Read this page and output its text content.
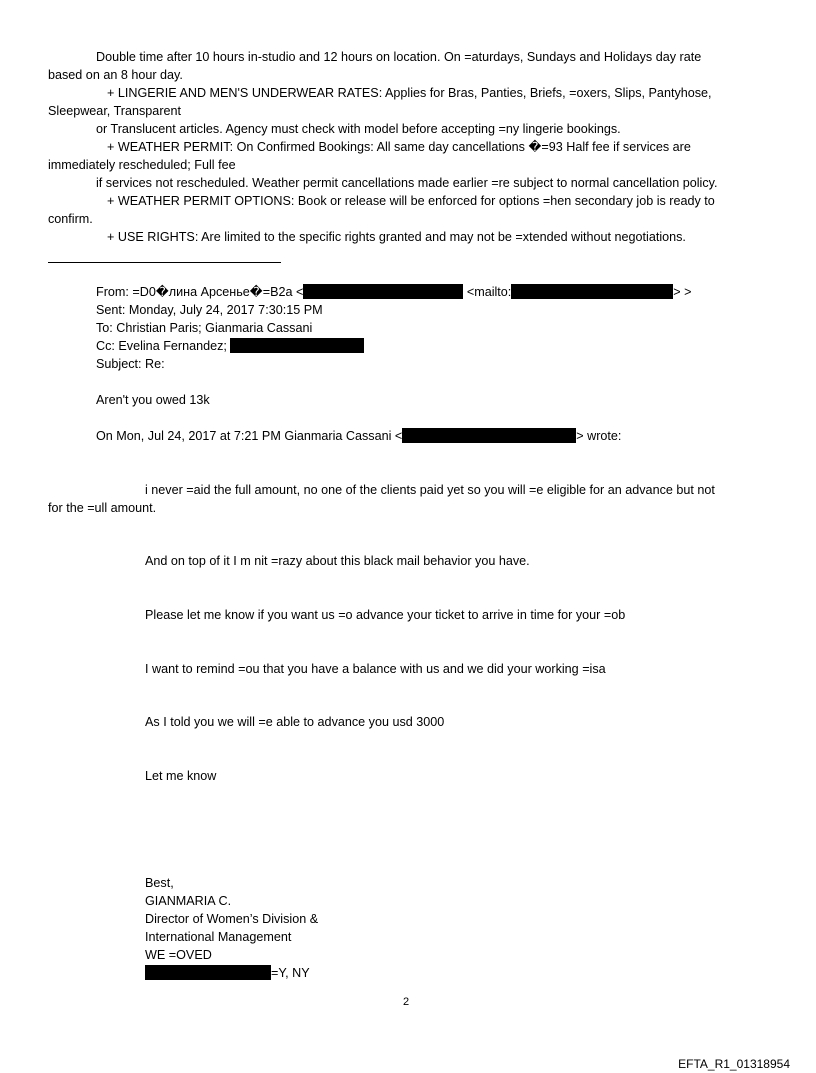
Double time after 10 hours in-studio and 12 hours on location. On =aturdays, Sundays and Holidays day rate
based on an 8 hour day.
+ LINGERIE AND MEN'S UNDERWEAR RATES: Applies for Bras, Panties, Briefs, =oxers, Slips, Pantyhose,
Sleepwear, Transparent
or Translucent articles. Agency must check with model before accepting =ny lingerie bookings.
+ WEATHER PERMIT: On Confirmed Bookings: All same day cancellations �=93 Half fee if services are
immediately rescheduled; Full fee
if services not rescheduled. Weather permit cancellations made earlier =re subject to normal cancellation policy.
+ WEATHER PERMIT OPTIONS: Book or release will be enforced for options =hen secondary job is ready to
confirm.
+ USE RIGHTS: Are limited to the specific rights granted and may not be =xtended without negotiations.
From: =D0�лина Арсенье�=B2a <	<mailto:	> >
Sent: Monday, July 24, 2017 7:30:15 PM
To: Christian Paris; Gianmaria Cassani
Cc: Evelina Fernandez;
Subject: Re:
Aren't you owed 13k
On Mon, Jul 24, 2017 at 7:21 PM Gianmaria Cassani <	> wrote:
i never =aid the full amount, no one of the clients paid yet so you will =e eligible for an advance but not
for the =ull amount.
And on top of it I m nit =razy about this black mail behavior you have.
Please let me know if you want us =o advance your ticket to arrive in time for your =ob
I want to remind =ou that you have a balance with us and we did your working =isa
As I told you we will =e able to advance you usd 3000
Let me know
Best,
GIANMARIA C.
Director of Women’s Division &
International Management
WE =OVED
=Y, NY
2
EFTA_R1_01318954
